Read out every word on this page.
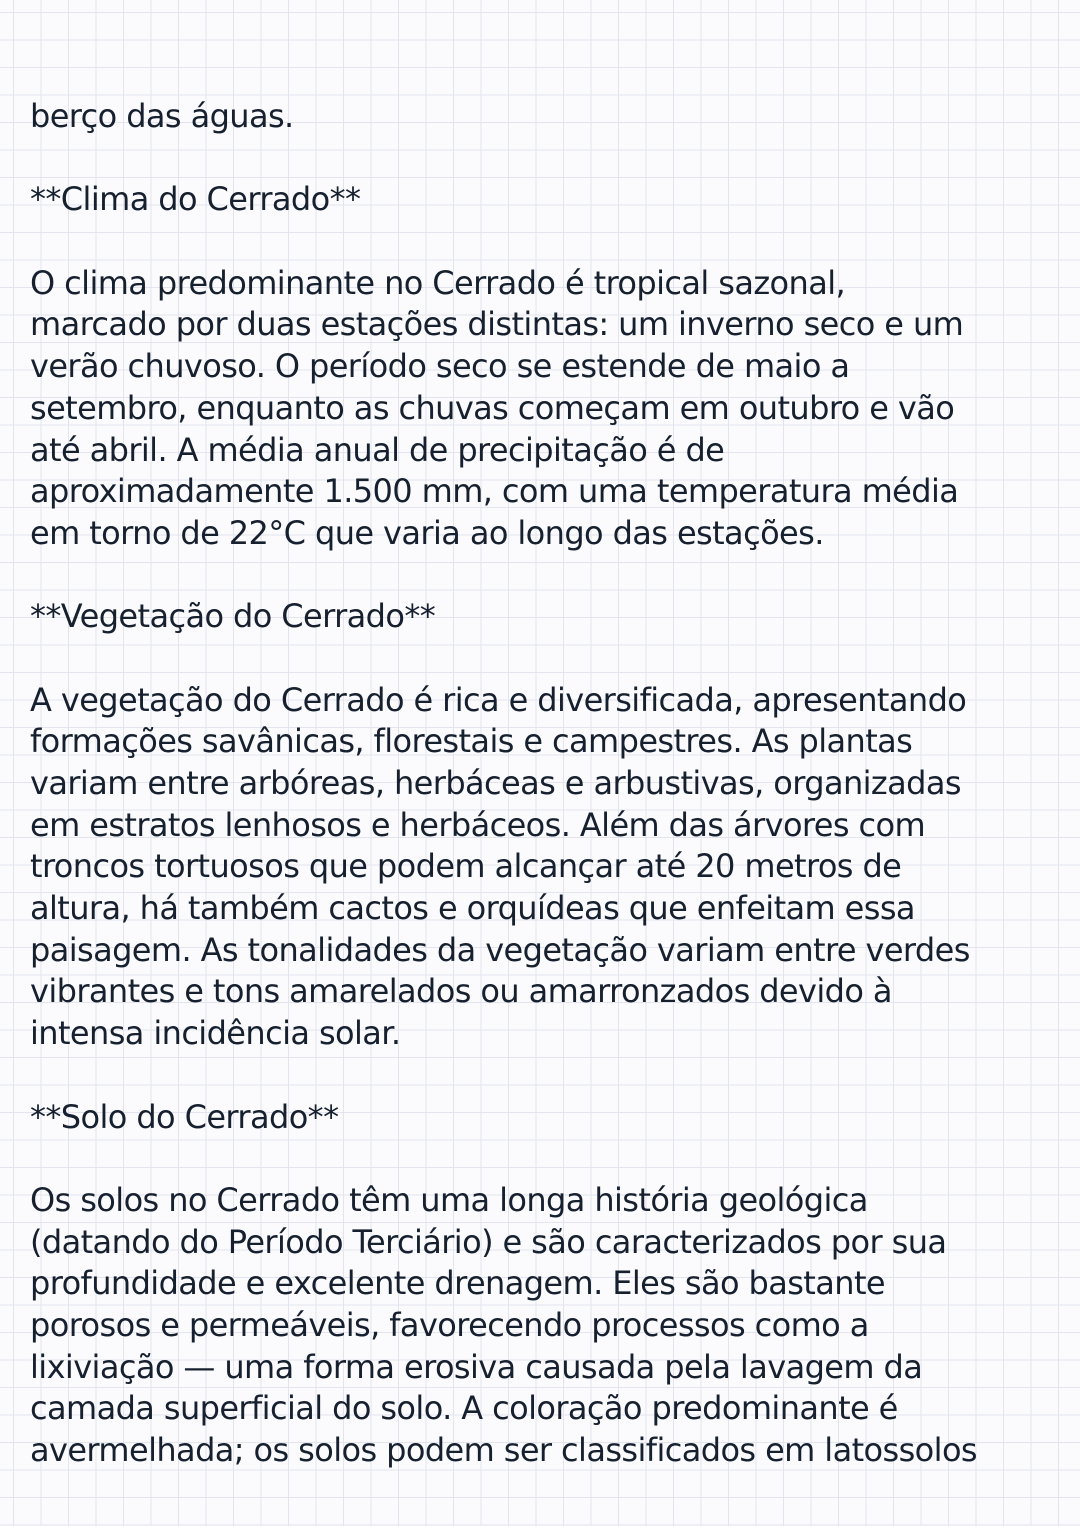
berço das águas.
**Clima do Cerrado**
O clima predominante no Cerrado é tropical sazonal,
marcado por duas estações distintas: um inverno seco e um
verão chuvoso. O período seco se estende de maio a
setembro, enquanto as chuvas começam em outubro e vão
até abril. A média anual de precipitação é de
aproximadamente 1.500 mm, com uma temperatura média
em torno de 22°C que varia ao longo das estações.
**Vegetação do Cerrado**
A vegetação do Cerrado é rica e diversificada, apresentando
formações savânicas, florestais e campestres. As plantas
variam entre arbóreas, herbáceas e arbustivas, organizadas
em estratos lenhosos e herbáceos. Além das árvores com
troncos tortuosos que podem alcançar até 20 metros de
altura, há também cactos e orquídeas que enfeitam essa
paisagem. As tonalidades da vegetação variam entre verdes
vibrantes e tons amarelados ou amarronzados devido à
intensa incidência solar.
**Solo do Cerrado**
Os solos no Cerrado têm uma longa história geológica
(datando do Período Terciário) e são caracterizados por sua
profundidade e excelente drenagem. Eles são bastante
porosos e permeáveis, favorecendo processos como a
lixiviação — uma forma erosiva causada pela lavagem da
camada superficial do solo. A coloração predominante é
avermelhada; os solos podem ser classificados em latossolos
